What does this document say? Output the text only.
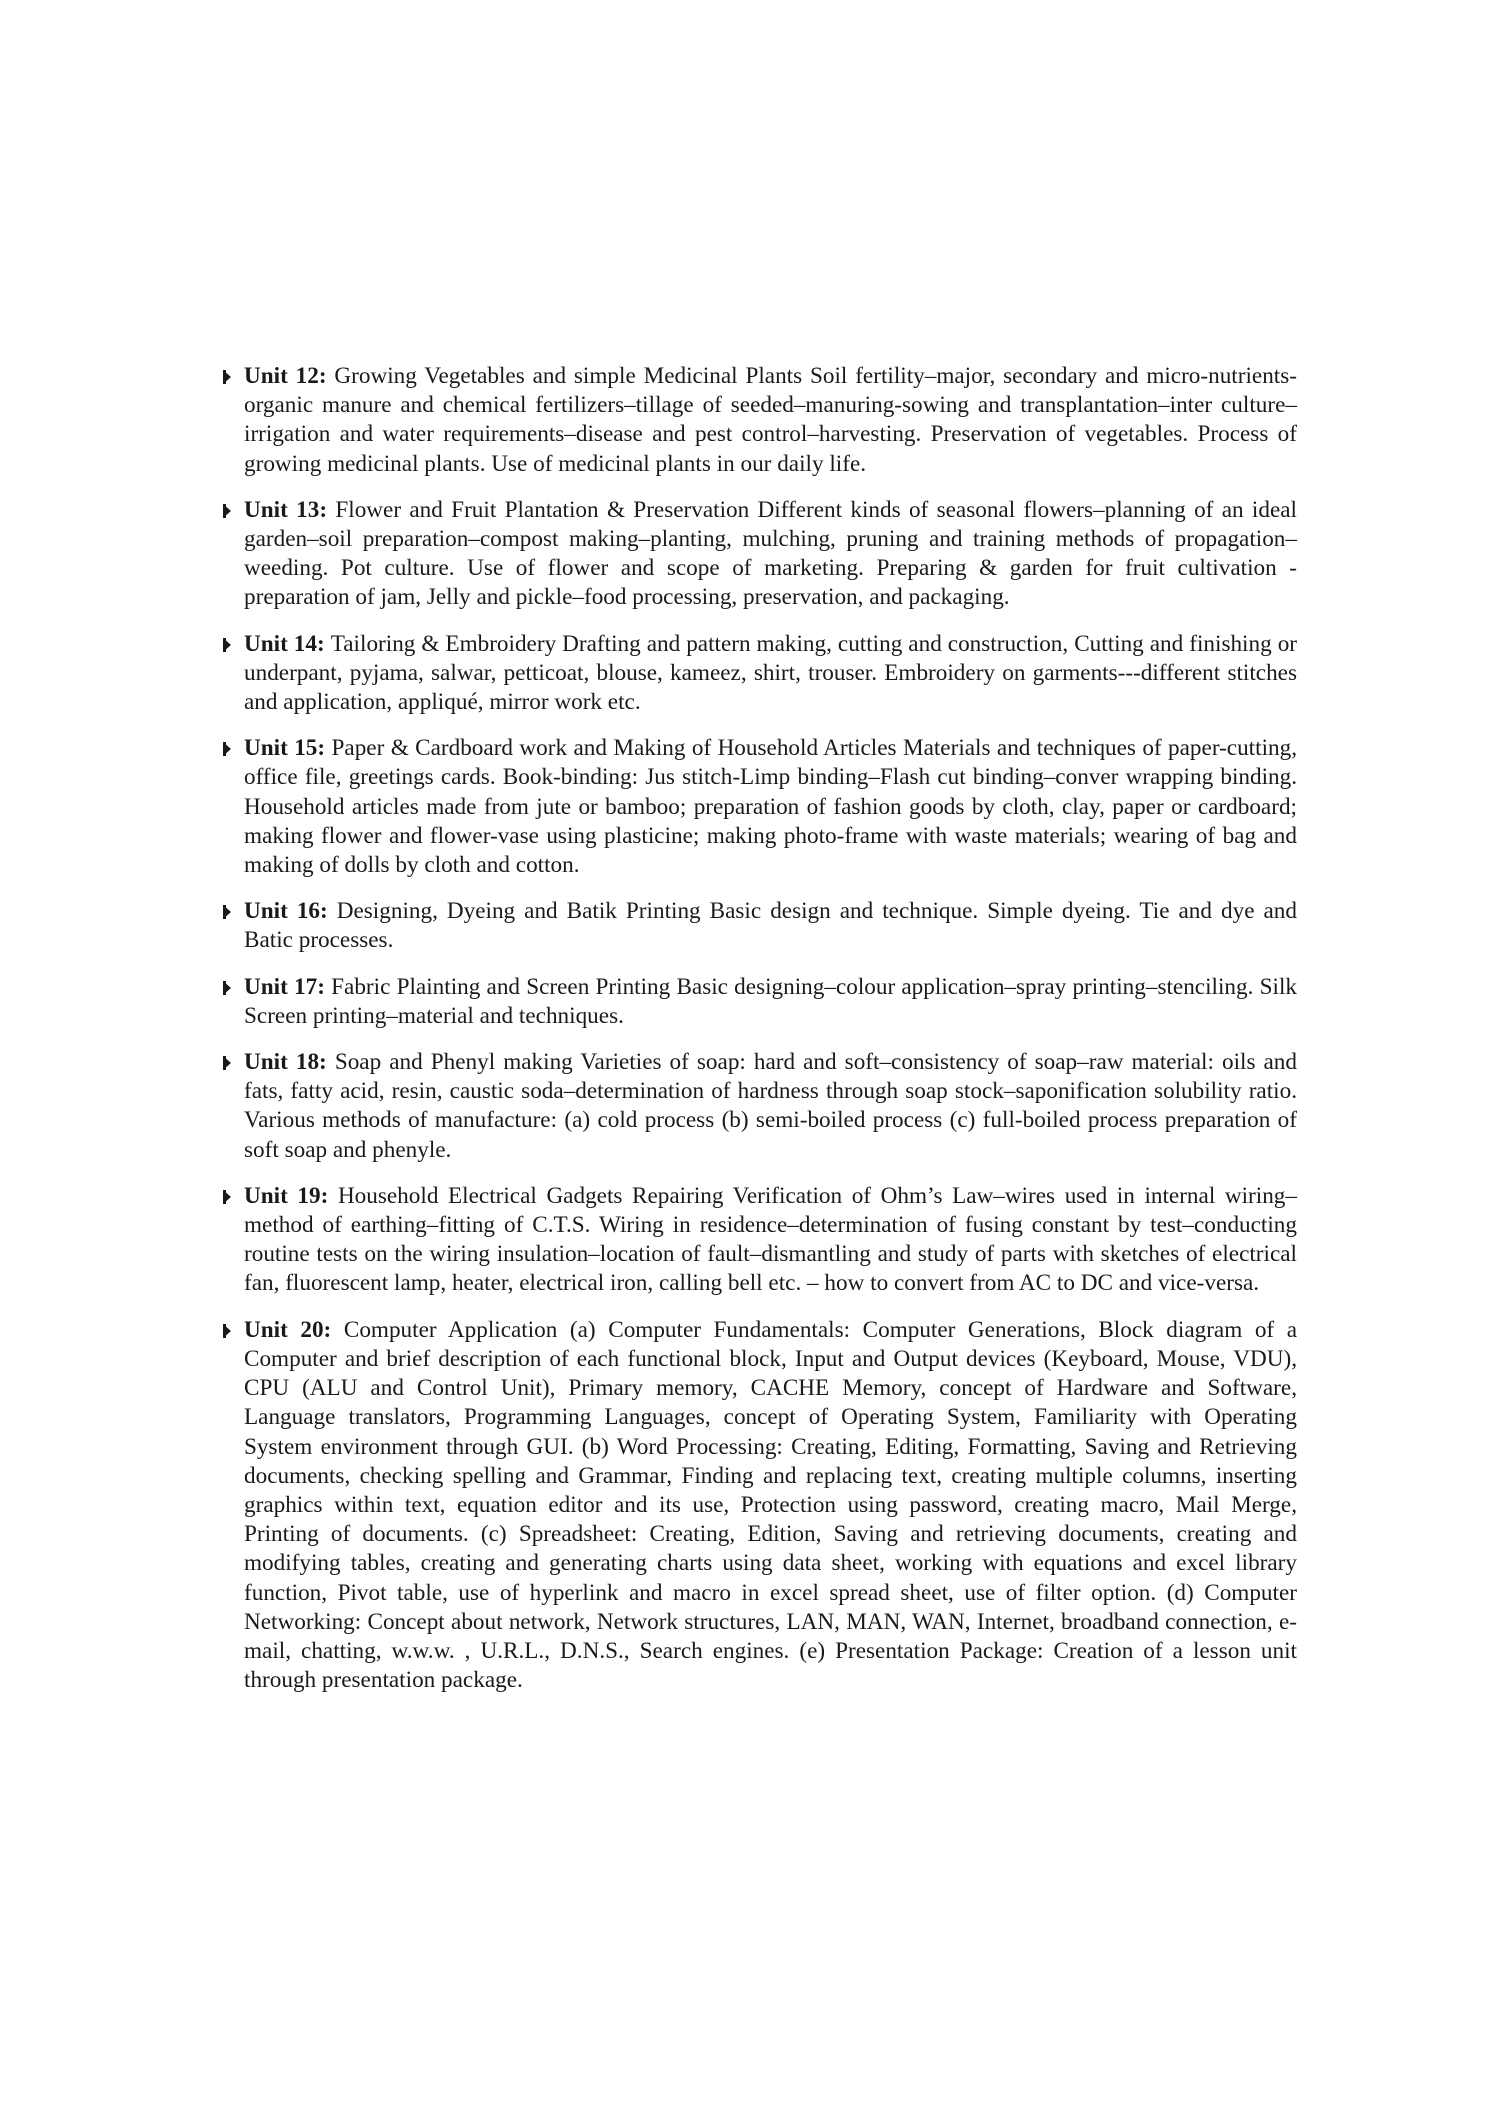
Unit 12: Growing Vegetables and simple Medicinal Plants Soil fertility–major, secondary and micro-nutrients-organic manure and chemical fertilizers–tillage of seeded–manuring-sowing and transplantation–inter culture–irrigation and water requirements–disease and pest control–harvesting. Preservation of vegetables. Process of growing medicinal plants. Use of medicinal plants in our daily life.
Unit 13: Flower and Fruit Plantation & Preservation Different kinds of seasonal flowers–planning of an ideal garden–soil preparation–compost making–planting, mulching, pruning and training methods of propagation–weeding. Pot culture. Use of flower and scope of marketing. Preparing & garden for fruit cultivation - preparation of jam, Jelly and pickle–food processing, preservation, and packaging.
Unit 14: Tailoring & Embroidery Drafting and pattern making, cutting and construction, Cutting and finishing or underpant, pyjama, salwar, petticoat, blouse, kameez, shirt, trouser. Embroidery on garments---different stitches and application, appliqué, mirror work etc.
Unit 15: Paper & Cardboard work and Making of Household Articles Materials and techniques of paper-cutting, office file, greetings cards. Book-binding: Jus stitch-Limp binding–Flash cut binding–conver wrapping binding. Household articles made from jute or bamboo; preparation of fashion goods by cloth, clay, paper or cardboard; making flower and flower-vase using plasticine; making photo-frame with waste materials; wearing of bag and making of dolls by cloth and cotton.
Unit 16: Designing, Dyeing and Batik Printing Basic design and technique. Simple dyeing. Tie and dye and Batic processes.
Unit 17: Fabric Plainting and Screen Printing Basic designing–colour application–spray printing–stenciling. Silk Screen printing–material and techniques.
Unit 18: Soap and Phenyl making Varieties of soap: hard and soft–consistency of soap–raw material: oils and fats, fatty acid, resin, caustic soda–determination of hardness through soap stock–saponification solubility ratio. Various methods of manufacture: (a) cold process (b) semi-boiled process (c) full-boiled process preparation of soft soap and phenyle.
Unit 19: Household Electrical Gadgets Repairing Verification of Ohm’s Law–wires used in internal wiring–method of earthing–fitting of C.T.S. Wiring in residence–determination of fusing constant by test–conducting routine tests on the wiring insulation–location of fault–dismantling and study of parts with sketches of electrical fan, fluorescent lamp, heater, electrical iron, calling bell etc. – how to convert from AC to DC and vice-versa.
Unit 20: Computer Application (a) Computer Fundamentals: Computer Generations, Block diagram of a Computer and brief description of each functional block, Input and Output devices (Keyboard, Mouse, VDU), CPU (ALU and Control Unit), Primary memory, CACHE Memory, concept of Hardware and Software, Language translators, Programming Languages, concept of Operating System, Familiarity with Operating System environment through GUI. (b) Word Processing: Creating, Editing, Formatting, Saving and Retrieving documents, checking spelling and Grammar, Finding and replacing text, creating multiple columns, inserting graphics within text, equation editor and its use, Protection using password, creating macro, Mail Merge, Printing of documents. (c) Spreadsheet: Creating, Edition, Saving and retrieving documents, creating and modifying tables, creating and generating charts using data sheet, working with equations and excel library function, Pivot table, use of hyperlink and macro in excel spread sheet, use of filter option. (d) Computer Networking: Concept about network, Network structures, LAN, MAN, WAN, Internet, broadband connection, e-mail, chatting, w.w.w. , U.R.L., D.N.S., Search engines. (e) Presentation Package: Creation of a lesson unit through presentation package.
